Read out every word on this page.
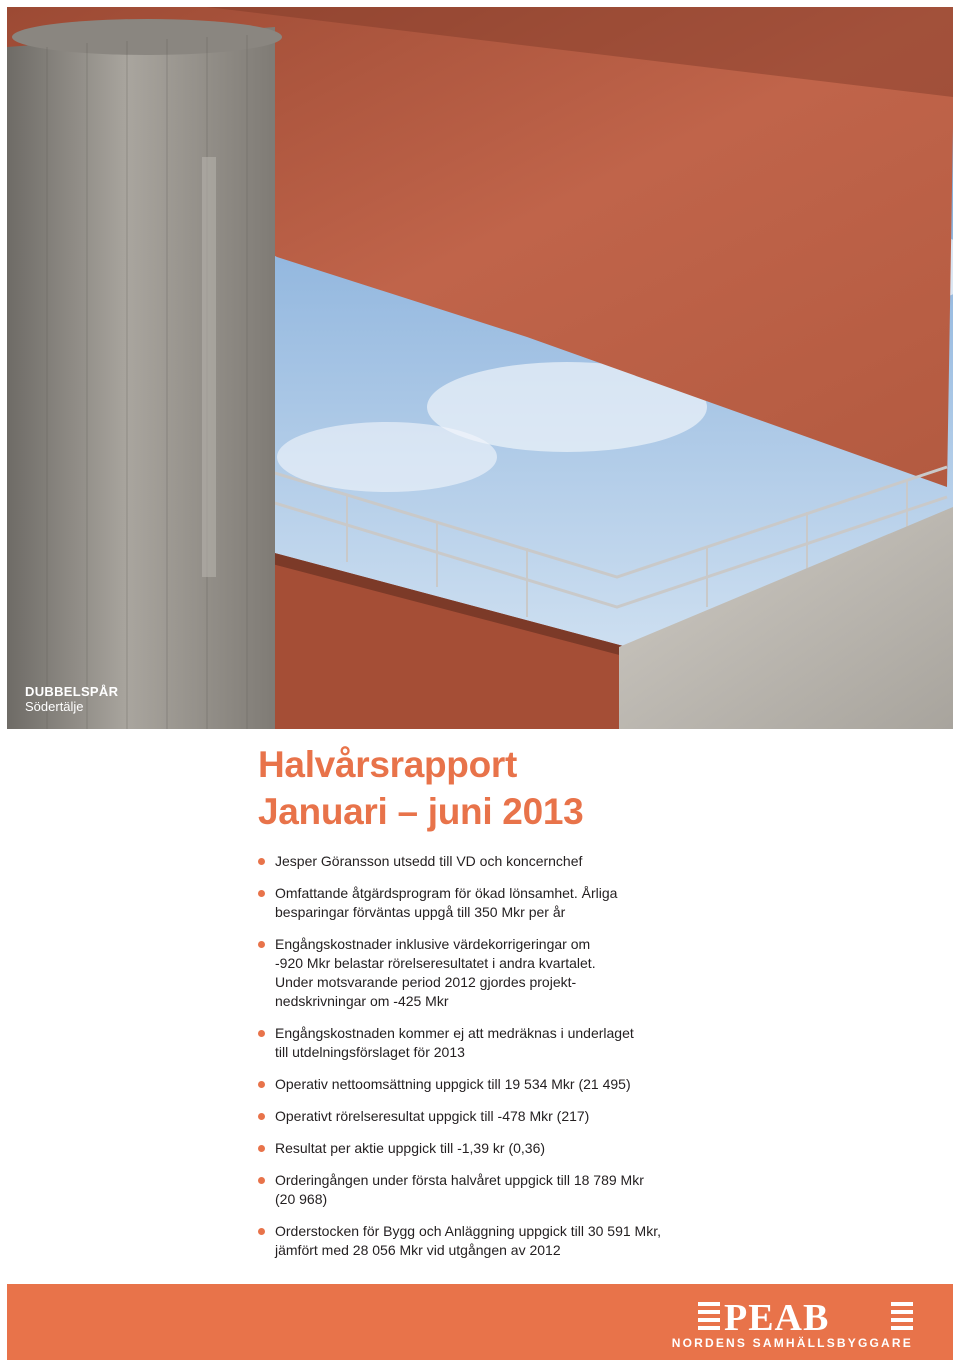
DUBBELSPÅR
Södertälje
Halvårsrapport
Januari – juni 2013
Jesper Göransson utsedd till VD och koncernchef
Omfattande åtgärdsprogram för ökad lönsamhet. Årliga
besparingar förväntas uppgå till 350 Mkr per år
Engångskostnader inklusive värdekorrigeringar om
-920 Mkr belastar rörelseresultatet i andra kvartalet.
Under motsvarande period 2012 gjordes projekt-
nedskrivningar om -425 Mkr
Engångskostnaden kommer ej att medräknas i underlaget
till utdelningsförslaget för 2013
Operativ nettoomsättning uppgick till 19 534 Mkr (21 495)
Operativt rörelseresultat uppgick till -478 Mkr (217)
Resultat per aktie uppgick till -1,39 kr (0,36)
Orderingången under första halvåret uppgick till 18 789 Mkr
(20 968)
Orderstocken för Bygg och Anläggning uppgick till 30 591 Mkr,
jämfört med 28 056 Mkr vid utgången av 2012
PEAB
NORDENS SAMHÄLLSBYGGARE
